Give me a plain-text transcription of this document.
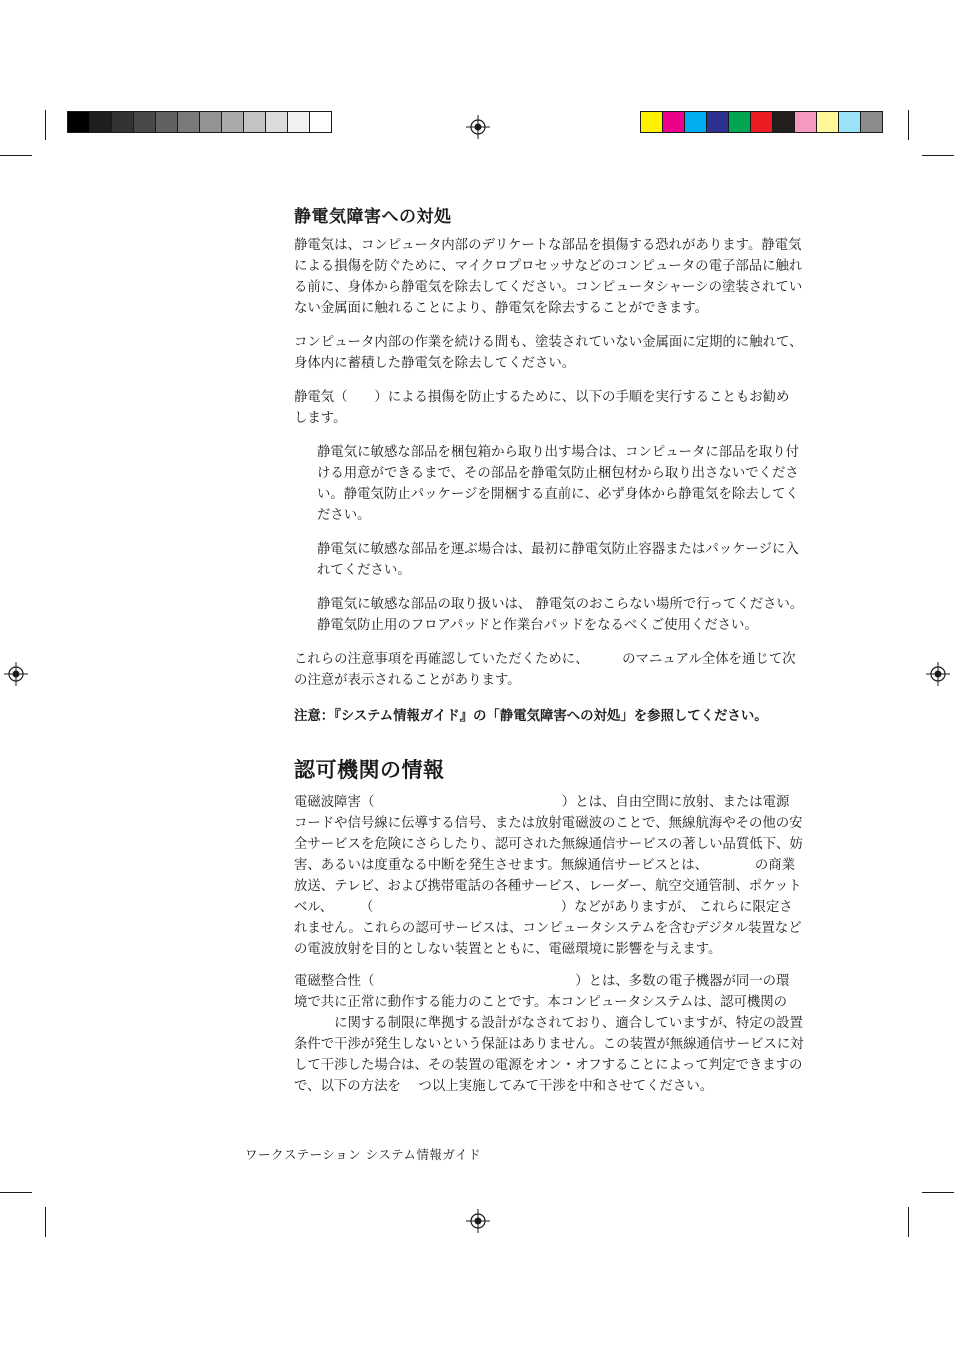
静電気障害への対処
静電気は、コンピュータ内部のデリケートな部品を損傷する恐れがあります。静電気
による損傷を防ぐために、マイクロプロセッサなどのコンピュータの電子部品に触れ
る前に、身体から静電気を除去してください。コンピュータシャーシの塗装されてい
ない金属面に触れることにより、静電気を除去することができます。
コンピュータ内部の作業を続ける間も、塗装されていない金属面に定期的に触れて、
身体内に蓄積した静電気を除去してください。
静電気（　　）による損傷を防止するために、以下の手順を実行することもお勧め
します。
静電気に敏感な部品を梱包箱から取り出す場合は、コンピュータに部品を取り付
ける用意ができるまで、その部品を静電気防止梱包材から取り出さないでくださ
い。静電気防止パッケージを開梱する直前に、必ず身体から静電気を除去してく
ださい。
静電気に敏感な部品を運ぶ場合は、最初に静電気防止容器またはパッケージに入
れてください。
静電気に敏感な部品の取り扱いは、 静電気のおこらない場所で行ってください。
静電気防止用のフロアパッドと作業台パッドをなるべくご使用ください。
これらの注意事項を再確認していただくために、　　　のマニュアル全体を通じて次
の注意が表示されることがあります。
注意：『システム情報ガイド』の「静電気障害への対処」を参照してください。
認可機関の情報
電磁波障害（　　　　　　　　　　　　　　）とは、自由空間に放射、または電源
コードや信号線に伝導する信号、または放射電磁波のことで、無線航海やその他の安
全サービスを危険にさらしたり、認可された無線通信サービスの著しい品質低下、妨
害、あるいは度重なる中断を発生させます。無線通信サービスとは、　　　　の商業
放送、テレビ、および携帯電話の各種サービス、レーダー、航空交通管制、ポケット
ベル、　　　（　　　　　　　　　　　　　　）などがありますが、 これらに限定さ
れません。これらの認可サービスは、コンピュータシステムを含むデジタル装置など
の電波放射を目的としない装置とともに、電磁環境に影響を与えます。
電磁整合性（　　　　　　　　　　　　　　　）とは、多数の電子機器が同一の環
境で共に正常に動作する能力のことです。本コンピュータシステムは、認可機関の
　　　に関する制限に準拠する設計がなされており、適合していますが、特定の設置
条件で干渉が発生しないという保証はありません。この装置が無線通信サービスに対
して干渉した場合は、その装置の電源をオン・オフすることによって判定できますの
で、以下の方法を　 つ以上実施してみて干渉を中和させてください。
ワークステーション システム情報ガイド
